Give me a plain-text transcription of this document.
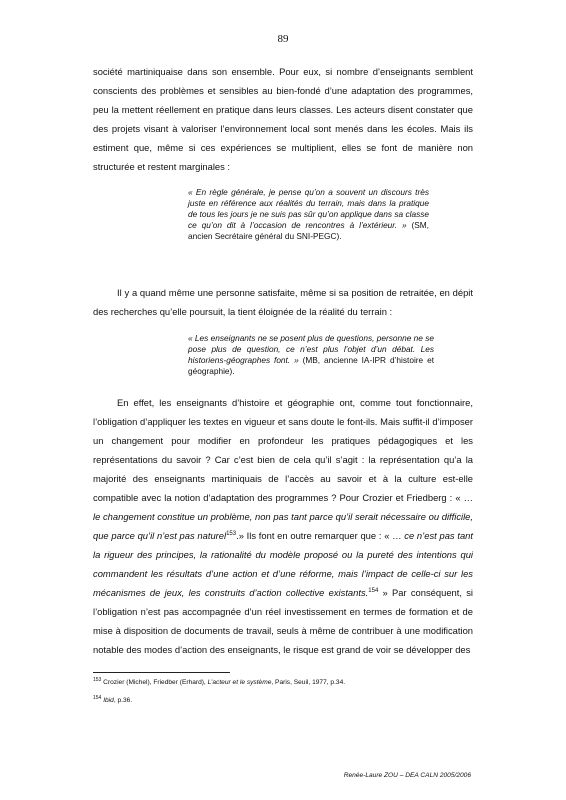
89

société martiniquaise dans son ensemble. Pour eux, si nombre d’enseignants semblent conscients des problèmes et sensibles au bien-fondé d’une adaptation des programmes, peu la mettent réellement en pratique dans leurs classes. Les acteurs disent constater que des projets visant à valoriser l’environnement local sont menés dans les écoles. Mais ils estiment que, même si ces expériences se multiplient, elles se font de manière non structurée et restent marginales :

« En règle générale, je pense qu’on a souvent un discours très juste en référence aux réalités du terrain, mais dans la pratique de tous les jours je ne suis pas sûr qu’on applique dans sa classe ce qu’on dit à l’occasion de rencontres à l’extérieur. » (SM, ancien Secrétaire général du SNI-PEGC).

Il y a quand même une personne satisfaite, même si sa position de retraitée, en dépit des recherches qu’elle poursuit, la tient éloignée de la réalité du terrain :

« Les enseignants ne se posent plus de questions, personne ne se pose plus de question, ce n’est plus l’objet d’un débat. Les historiens-géographes font. » (MB, ancienne IA-IPR d’histoire et géographie).

En effet, les enseignants d’histoire et géographie ont, comme tout fonctionnaire, l’obligation d’appliquer les textes en vigueur et sans doute le font-ils. Mais suffit-il d’imposer un changement pour modifier en profondeur les pratiques pédagogiques et les représentations du savoir ? Car c’est bien de cela qu’il s’agit : la représentation qu’a la majorité des enseignants martiniquais de l’accès au savoir et à la culture est-elle compatible avec la notion d’adaptation des programmes ? Pour Crozier et Friedberg : « …le changement constitue un problème, non pas tant parce qu’il serait nécessaire ou difficile, que parce qu’il n’est pas naturel$^{153}$.» Ils font en outre remarquer que : « … ce n’est pas tant la rigueur des principes, la rationalité du modèle proposé ou la pureté des intentions qui commandent les résultats d’une action et d’une réforme, mais l’impact de celle-ci sur les mécanismes de jeux, les construits d’action collective existants.$^{154}$ » Par conséquent, si l’obligation n’est pas accompagnée d’un réel investissement en termes de formation et de mise à disposition de documents de travail, seuls à même de contribuer à une modification notable des modes d’action des enseignants, le risque est grand de voir se développer des

$^{153}$ Crozier (Michel), Friedber (Erhard), L’acteur et le système, Paris, Seuil, 1977, p.34.
$^{154}$ Ibid, p.36.
Renée-Laure ZOU – DEA CALN 2005/2006
